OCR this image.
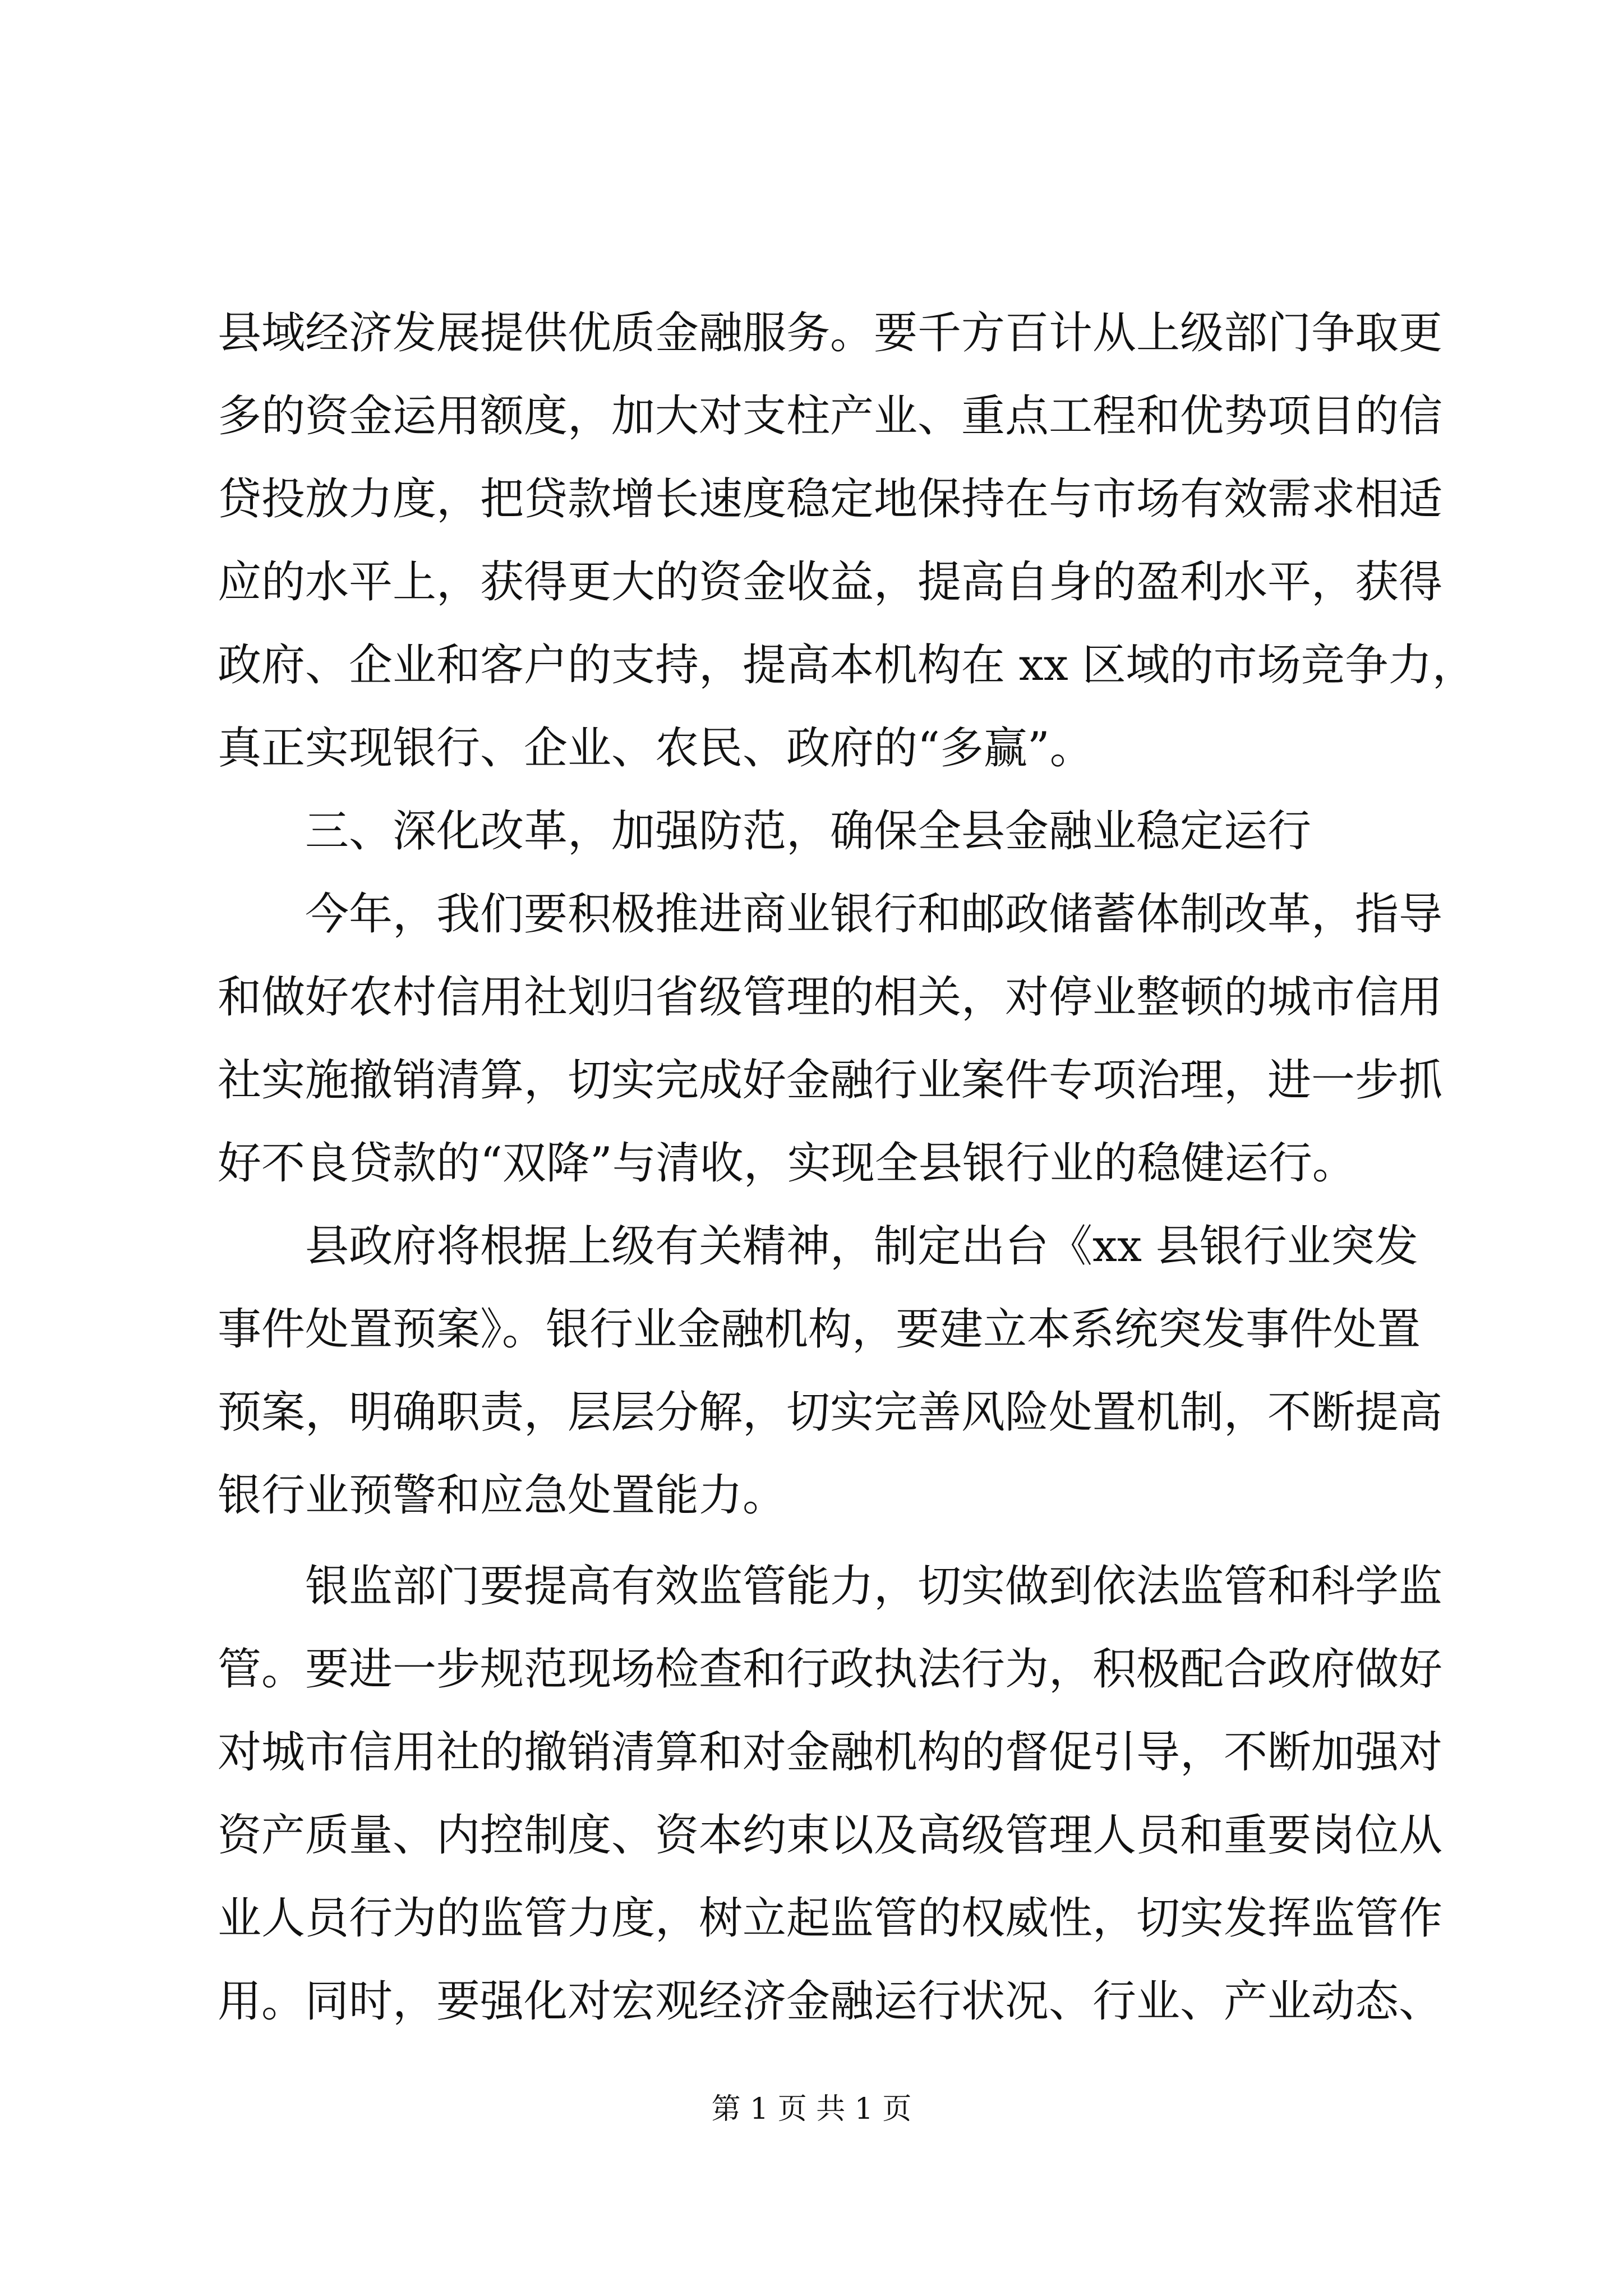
县域经济发展提供优质金融服务。要千方百计从上级部门争取更
多的资金运用额度，加大对支柱产业、重点工程和优势项目的信
贷投放力度，把贷款增长速度稳定地保持在与市场有效需求相适
应的水平上，获得更大的资金收益，提高自身的盈利水平，获得
政府、企业和客户的支持，提高本机构在 xx 区域的市场竞争力，
真正实现银行、企业、农民、政府的“多赢”。
三、深化改革，加强防范，确保全县金融业稳定运行
今年，我们要积极推进商业银行和邮政储蓄体制改革，指导
和做好农村信用社划归省级管理的相关，对停业整顿的城市信用
社实施撤销清算，切实完成好金融行业案件专项治理，进一步抓
好不良贷款的“双降”与清收，实现全县银行业的稳健运行。
县政府将根据上级有关精神，制定出台《xx 县银行业突发
事件处置预案》。银行业金融机构，要建立本系统突发事件处置
预案，明确职责，层层分解，切实完善风险处置机制，不断提高
银行业预警和应急处置能力。
银监部门要提高有效监管能力，切实做到依法监管和科学监
管。要进一步规范现场检查和行政执法行为，积极配合政府做好
对城市信用社的撤销清算和对金融机构的督促引导，不断加强对
资产质量、内控制度、资本约束以及高级管理人员和重要岗位从
业人员行为的监管力度，树立起监管的权威性，切实发挥监管作
用。同时，要强化对宏观经济金融运行状况、行业、产业动态、
第 1 页 共 1 页
